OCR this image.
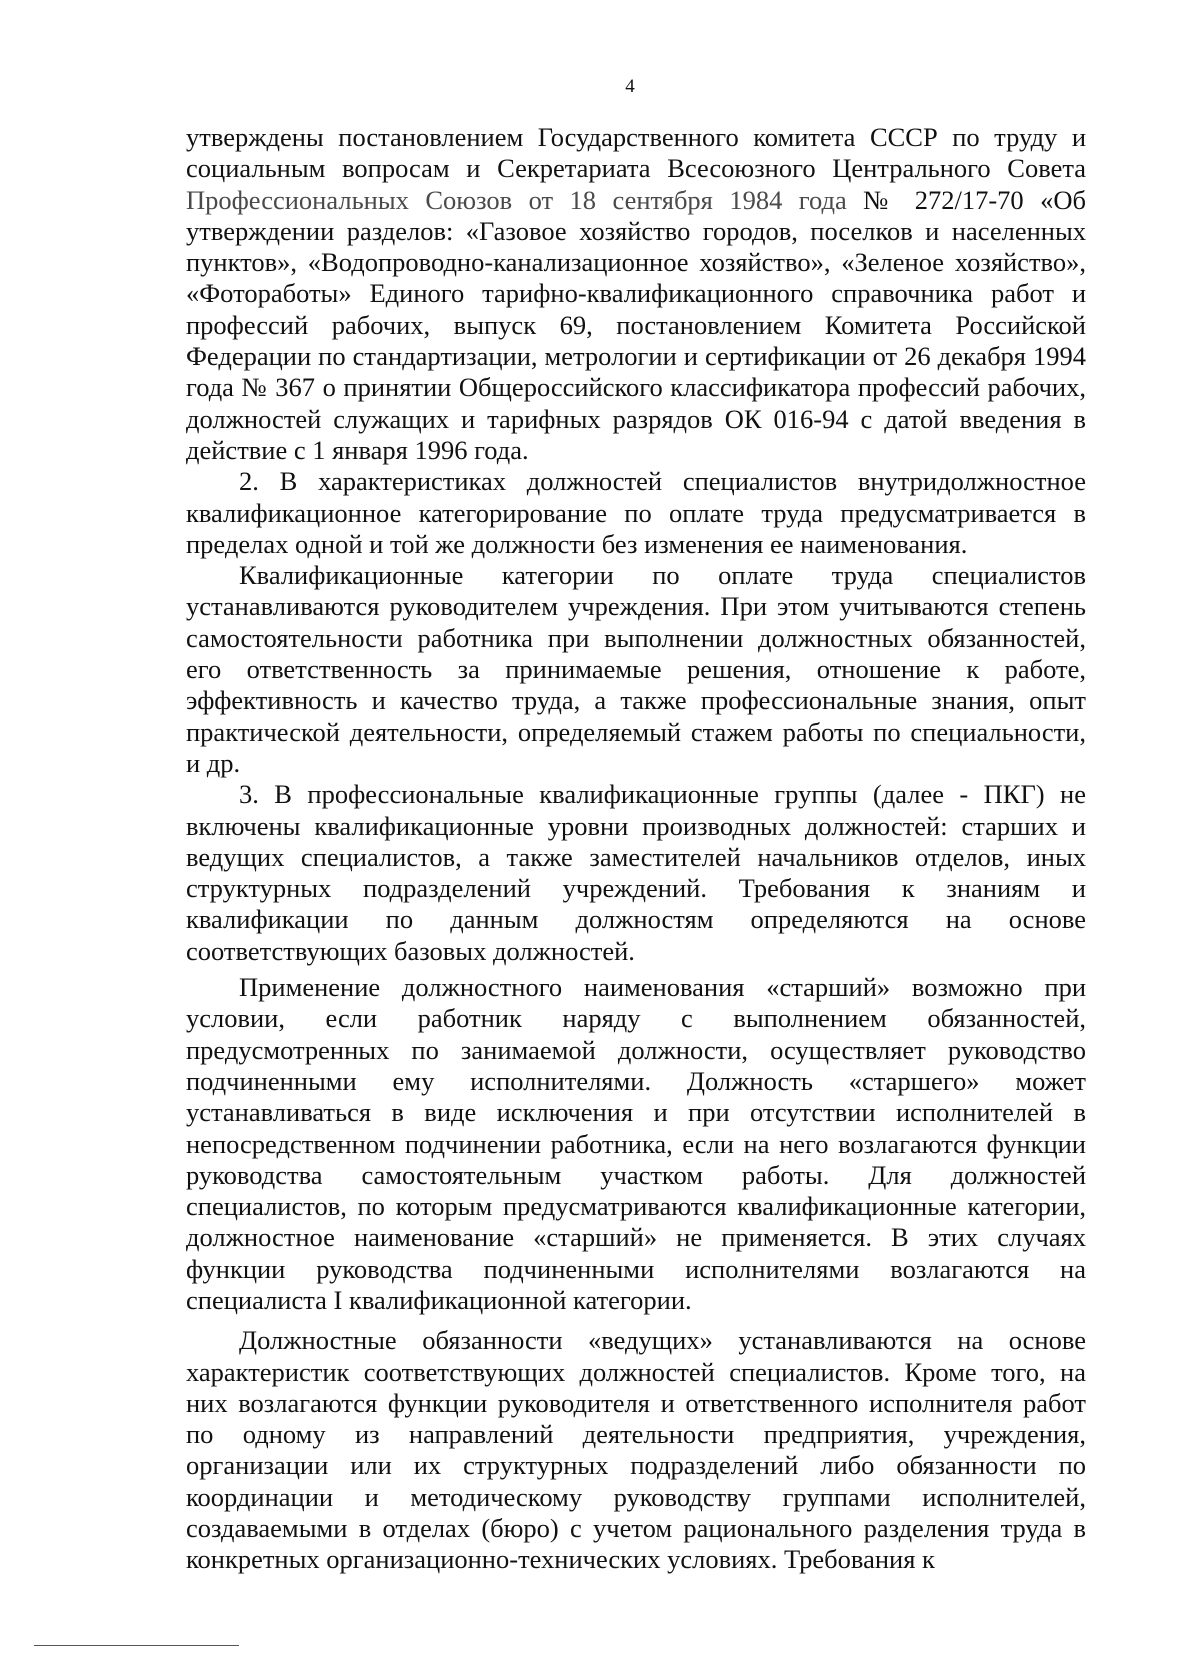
4

утверждены постановлением Государственного комитета СССР по труду и социальным вопросам и Секретариата Всесоюзного Центрального Совета Профессиональных Союзов от 18 сентября 1984 года № 272/17-70 «Об утверждении разделов: «Газовое хозяйство городов, поселков и населенных пунктов», «Водопроводно-канализационное хозяйство», «Зеленое хозяйство», «Фотоработы» Единого тарифно-квалификационного справочника работ и профессий рабочих, выпуск 69, постановлением Комитета Российской Федерации по стандартизации, метрологии и сертификации от 26 декабря 1994 года № 367 о принятии Общероссийского классификатора профессий рабочих, должностей служащих и тарифных разрядов ОК 016-94 с датой введения в действие с 1 января 1996 года.

2. В характеристиках должностей специалистов внутридолжностное квалификационное категорирование по оплате труда предусматривается в пределах одной и той же должности без изменения ее наименования.

Квалификационные категории по оплате труда специалистов устанавливаются руководителем учреждения. При этом учитываются степень самостоятельности работника при выполнении должностных обязанностей, его ответственность за принимаемые решения, отношение к работе, эффективность и качество труда, а также профессиональные знания, опыт практической деятельности, определяемый стажем работы по специальности, и др.

3. В профессиональные квалификационные группы (далее - ПКГ) не включены квалификационные уровни производных должностей: старших и ведущих специалистов, а также заместителей начальников отделов, иных структурных подразделений учреждений. Требования к знаниям и квалификации по данным должностям определяются на основе соответствующих базовых должностей.

Применение должностного наименования «старший» возможно при условии, если работник наряду с выполнением обязанностей, предусмотренных по занимаемой должности, осуществляет руководство подчиненными ему исполнителями. Должность «старшего» может устанавливаться в виде исключения и при отсутствии исполнителей в непосредственном подчинении работника, если на него возлагаются функции руководства самостоятельным участком работы. Для должностей специалистов, по которым предусматриваются квалификационные категории, должностное наименование «старший» не применяется. В этих случаях функции руководства подчиненными исполнителями возлагаются на специалиста I квалификационной категории.

Должностные обязанности «ведущих» устанавливаются на основе характеристик соответствующих должностей специалистов. Кроме того, на них возлагаются функции руководителя и ответственного исполнителя работ по одному из направлений деятельности предприятия, учреждения, организации или их структурных подразделений либо обязанности по координации и методическому руководству группами исполнителей, создаваемыми в отделах (бюро) с учетом рационального разделения труда в конкретных организационно-технических условиях. Требования к
